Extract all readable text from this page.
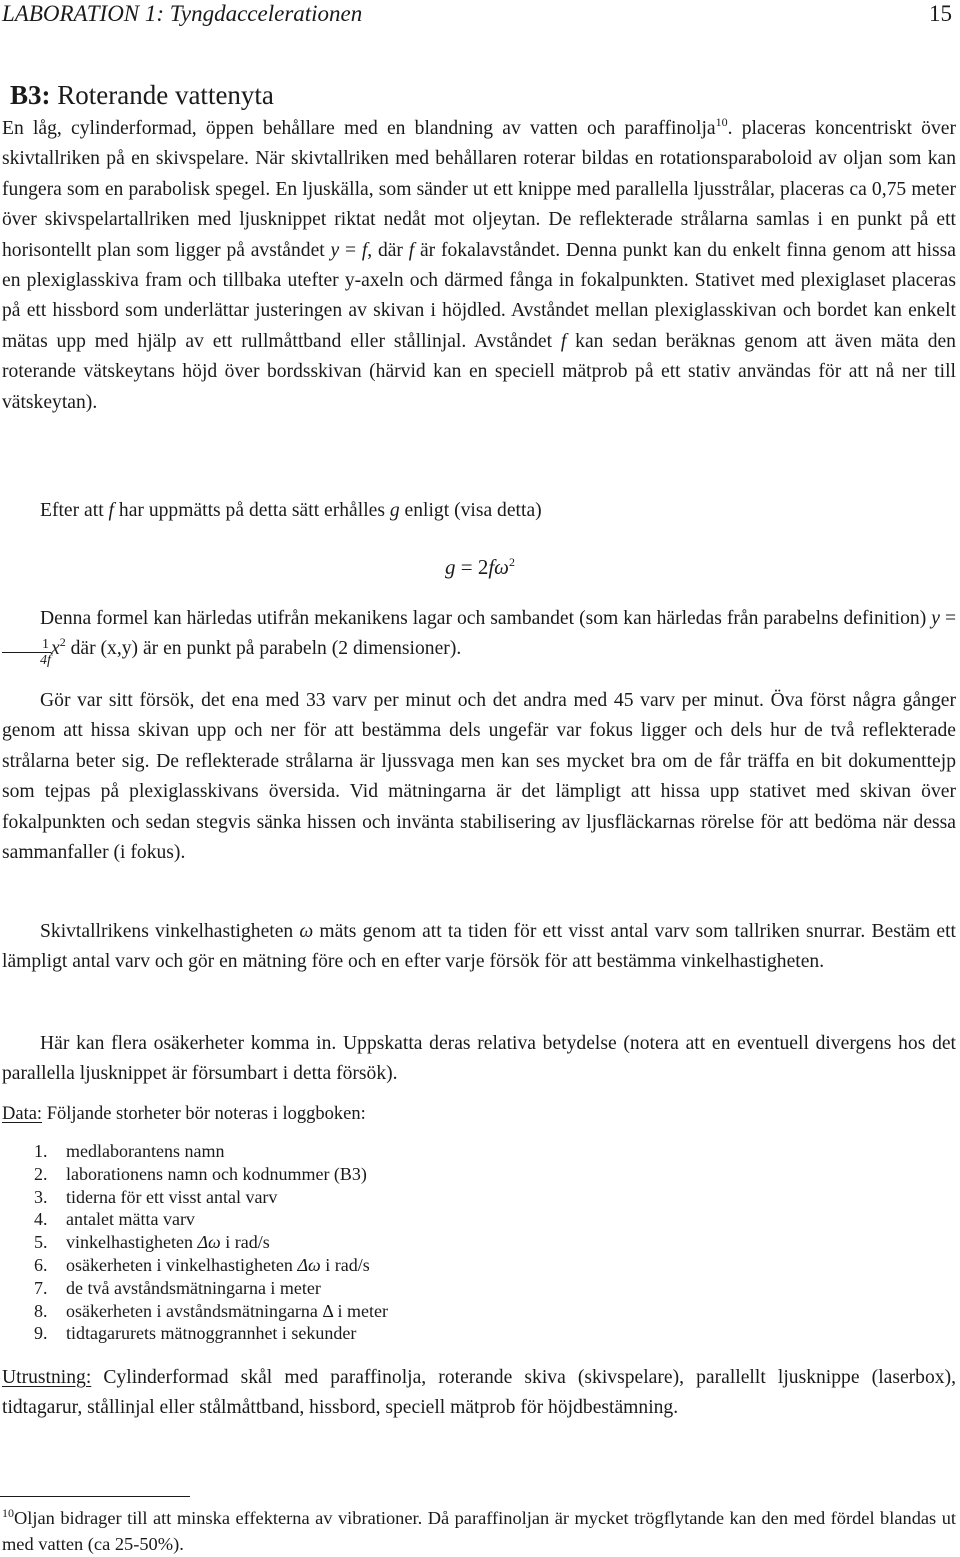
LABORATION 1: Tyngdaccelerationen	15
B3: Roterande vattenyta

En låg, cylinderformad, öppen behållare med en blandning av vatten och paraffinolja$^{10}$. placeras koncentriskt över skivtallriken på en skivspelare. När skivtallriken med behållaren roterar bildas en rotationsparaboloid av oljan som kan fungera som en parabolisk spegel. En ljuskälla, som sänder ut ett knippe med parallella ljusstrålar, placeras ca 0,75 meter över skivspelartallriken med ljusknippet riktat nedåt mot oljeytan. De reflekterade strålarna samlas i en punkt på ett horisontellt plan som ligger på avståndet y = f, där f är fokalavståndet. Denna punkt kan du enkelt finna genom att hissa en plexiglasskiva fram och tillbaka utefter y-axeln och därmed fånga in fokalpunkten. Stativet med plexiglaset placeras på ett hissbord som underlättar justeringen av skivan i höjdled. Avståndet mellan plexiglasskivan och bordet kan enkelt mätas upp med hjälp av ett rullmåttband eller stållinjal. Avståndet f kan sedan beräknas genom att även mäta den roterande vätskeytans höjd över bordsskivan (härvid kan en speciell mätprob på ett stativ användas för att nå ner till vätskeytan).

Efter att f har uppmätts på detta sätt erhålles g enligt (visa detta)

$g = 2f\omega^2$

Denna formel kan härledas utifrån mekanikens lagar och sambandet (som kan härledas från parabelns definition) y =
$\frac{1}{4f} x^2$ där (x,y) är en punkt på parabeln (2 dimensioner).

Gör var sitt försök, det ena med 33 varv per minut och det andra med 45 varv per minut. Öva först några gånger genom att hissa skivan upp och ner för att bestämma dels ungefär var fokus ligger och dels hur de två reflekterade strålarna beter sig. De reflekterade strålarna är ljussvaga men kan ses mycket bra om de får träffa en bit dokumenttejp som tejpas på plexiglasskivans översida. Vid mätningarna är det lämpligt att hissa upp stativet med skivan över fokalpunkten och sedan stegvis sänka hissen och invänta stabilisering av ljusfläckarnas rörelse för att bedöma när dessa sammanfaller (i fokus).

Skivtallrikens vinkelhastigheten ω mäts genom att ta tiden för ett visst antal varv som tallriken snurrar. Bestäm ett lämpligt antal varv och gör en mätning före och en efter varje försök för att bestämma vinkelhastigheten.

Här kan flera osäkerheter komma in. Uppskatta deras relativa betydelse (notera att en eventuell divergens hos det parallella ljusknippet är försumbart i detta försök).

Data: Följande storheter bör noteras i loggboken:
1. medlaborantens namn
2. laborationens namn och kodnummer (B3)
3. tiderna för ett visst antal varv
4. antalet mätta varv
5. vinkelhastigheten Δω i rad/s
6. osäkerheten i vinkelhastigheten Δω i rad/s
7. de två avståndsmätningarna i meter
8. osäkerheten i avståndsmätningarna Δ i meter
9. tidtagarurets mätnoggrannhet i sekunder

Utrustning: Cylinderformad skål med paraffinolja, roterande skiva (skivspelare), parallellt ljusknippe (laserbox), tidtagarur, stållinjal eller stålmåttband, hissbord, speciell mätprob för höjdbestämning.

$^{10}$Oljan bidrager till att minska effekterna av vibrationer. Då paraffinoljan är mycket trögflytande kan den med fördel blandas ut med vatten (ca 25-50%).
